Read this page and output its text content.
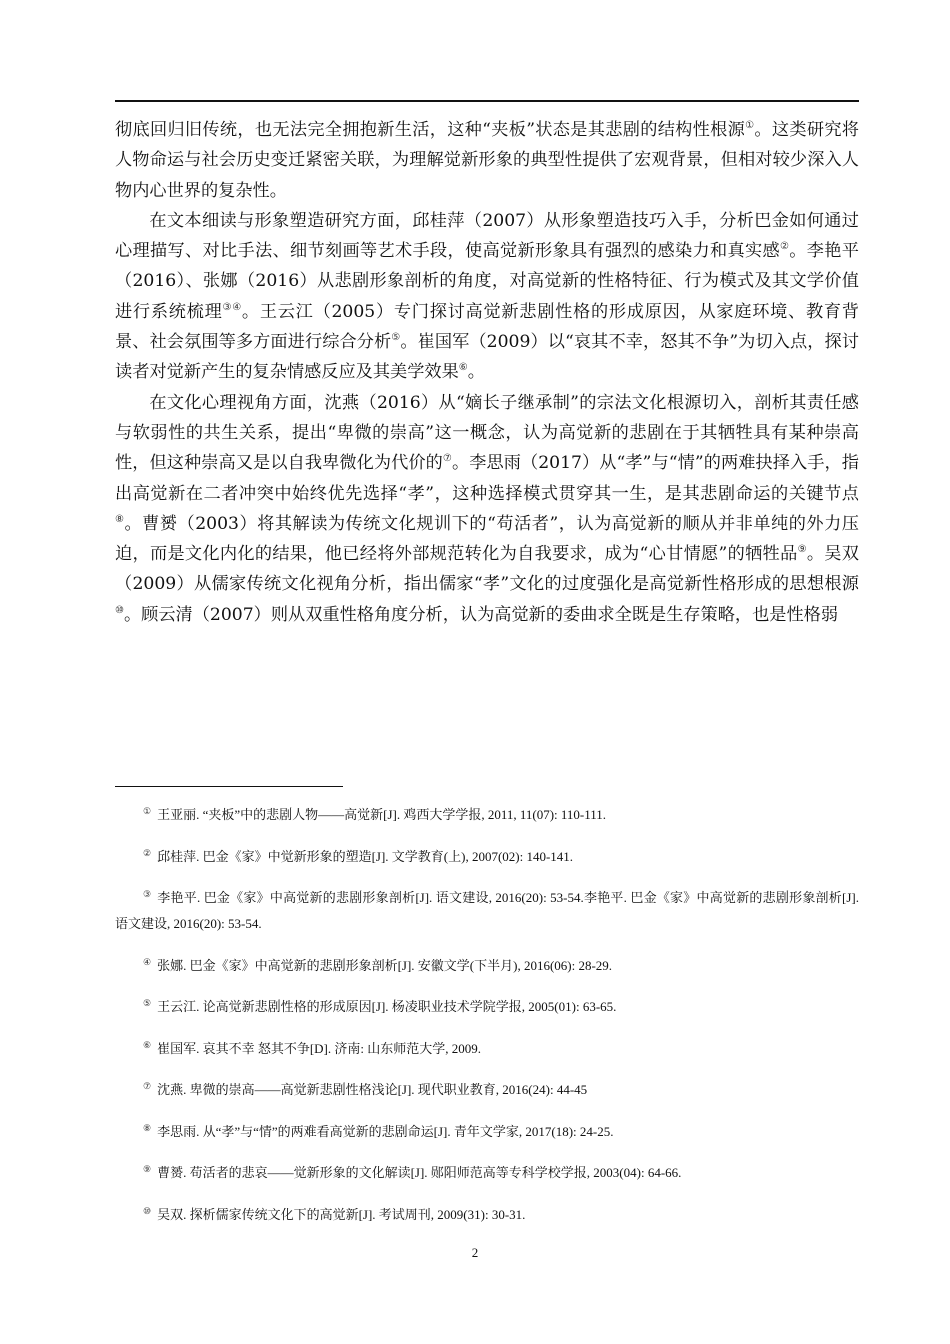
彻底回归旧传统，也无法完全拥抱新生活，这种“夹板”状态是其悲剧的结构性根源①。这类研究将人物命运与社会历史变迁紧密关联，为理解觉新形象的典型性提供了宏观背景，但相对较少深入人物内心世界的复杂性。

在文本细读与形象塑造研究方面，邱桂萍（2007）从形象塑造技巧入手，分析巴金如何通过心理描写、对比手法、细节刻画等艺术手段，使高觉新形象具有强烈的感染力和真实感②。李艳平（2016）、张娜（2016）从悲剧形象剖析的角度，对高觉新的性格特征、行为模式及其文学价值进行系统梳理③④。王云江（2005）专门探讨高觉新悲剧性格的形成原因，从家庭环境、教育背景、社会氛围等多方面进行综合分析⑤。崔国军（2009）以“哀其不幸，怒其不争”为切入点，探讨读者对觉新产生的复杂情感反应及其美学效果⑥。

在文化心理视角方面，沈燕（2016）从“嫡长子继承制”的宗法文化根源切入，剖析其责任感与软弱性的共生关系，提出“卑微的崇高”这一概念，认为高觉新的悲剧在于其牺牲具有某种崇高性，但这种崇高又是以自我卑微化为代价的⑦。李思雨（2017）从“孝”与“情”的两难抉择入手，指出高觉新在二者冲突中始终优先选择“孝”，这种选择模式贯穿其一生，是其悲剧命运的关键节点⑧。曹赟（2003）将其解读为传统文化规训下的“苟活者”，认为高觉新的顺从并非单纯的外力压迫，而是文化内化的结果，他已经将外部规范转化为自我要求，成为“心甘情愿”的牺牲品⑨。吴双（2009）从儒家传统文化视角分析，指出儒家“孝”文化的过度强化是高觉新性格形成的思想根源⑩。顾云清（2007）则从双重性格角度分析，认为高觉新的委曲求全既是生存策略，也是性格弱

① 王亚丽. “夹板”中的悲剧人物——高觉新[J]. 鸡西大学学报, 2011, 11(07): 110-111.

② 邱桂萍. 巴金《家》中觉新形象的塑造[J]. 文学教育(上), 2007(02): 140-141.

③ 李艳平. 巴金《家》中高觉新的悲剧形象剖析[J]. 语文建设, 2016(20): 53-54.李艳平. 巴金《家》中高觉新的悲剧形象剖析[J]. 语文建设, 2016(20): 53-54.

④ 张娜. 巴金《家》中高觉新的悲剧形象剖析[J]. 安徽文学(下半月), 2016(06): 28-29.

⑤ 王云江. 论高觉新悲剧性格的形成原因[J]. 杨凌职业技术学院学报, 2005(01): 63-65.

⑥ 崔国军. 哀其不幸 怒其不争[D]. 济南: 山东师范大学, 2009.

⑦ 沈燕. 卑微的崇高——高觉新悲剧性格浅论[J]. 现代职业教育, 2016(24): 44-45

⑧ 李思雨. 从“孝”与“情”的两难看高觉新的悲剧命运[J]. 青年文学家, 2017(18): 24-25.

⑨ 曹赟. 苟活者的悲哀——觉新形象的文化解读[J]. 郧阳师范高等专科学校学报, 2003(04): 64-66.

⑩ 吴双. 探析儒家传统文化下的高觉新[J]. 考试周刊, 2009(31): 30-31.

2
